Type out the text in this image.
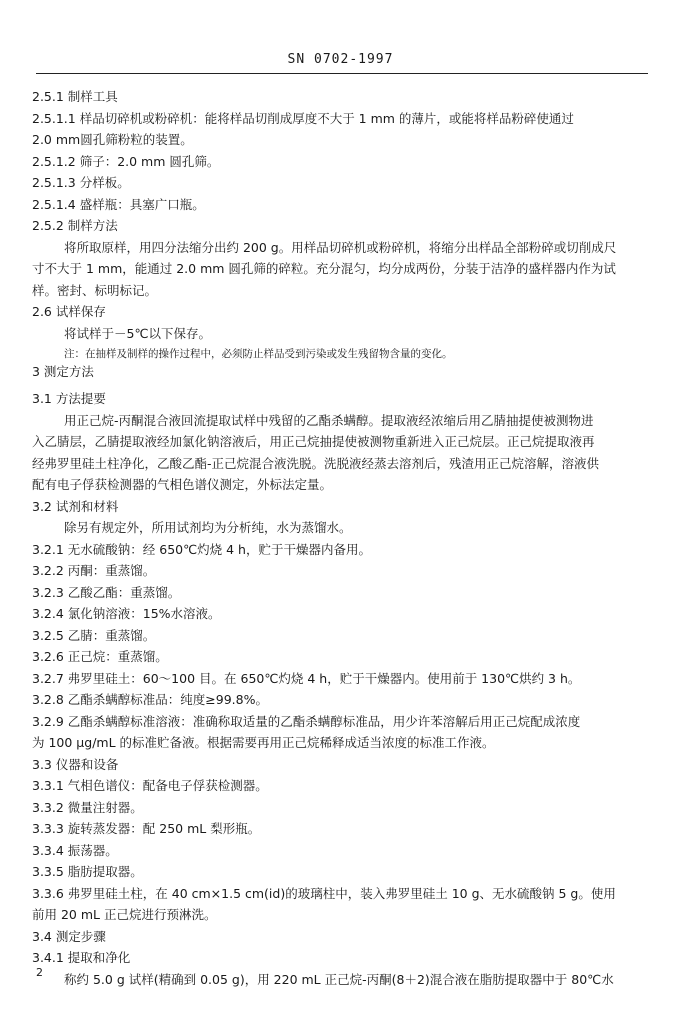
SN 0702-1997

2.5.1 制样工具

2.5.1.1 样品切碎机或粉碎机：能将样品切削成厚度不大于 1 mm 的薄片，或能将样品粉碎使通过

2.0 mm圆孔筛粉粒的装置。

2.5.1.2 筛子：2.0 mm 圆孔筛。

2.5.1.3 分样板。

2.5.1.4 盛样瓶：具塞广口瓶。

2.5.2 制样方法

将所取原样，用四分法缩分出约 200 g。用样品切碎机或粉碎机，将缩分出样品全部粉碎或切削成尺

寸不大于 1 mm，能通过 2.0 mm 圆孔筛的碎粒。充分混匀，均分成两份，分装于洁净的盛样器内作为试

样。密封、标明标记。

2.6 试样保存

将试样于－5℃以下保存。

注：在抽样及制样的操作过程中，必须防止样品受到污染或发生残留物含量的变化。

3 测定方法

3.1 方法提要

用正己烷-丙酮混合液回流提取试样中残留的乙酯杀螨醇。提取液经浓缩后用乙腈抽提使被测物进

入乙腈层，乙腈提取液经加氯化钠溶液后，用正己烷抽提使被测物重新进入正己烷层。正己烷提取液再

经弗罗里硅土柱净化，乙酸乙酯-正己烷混合液洗脱。洗脱液经蒸去溶剂后，残渣用正己烷溶解，溶液供

配有电子俘获检测器的气相色谱仪测定，外标法定量。

3.2 试剂和材料

除另有规定外，所用试剂均为分析纯，水为蒸馏水。

3.2.1 无水硫酸钠：经 650℃灼烧 4 h，贮于干燥器内备用。

3.2.2 丙酮：重蒸馏。

3.2.3 乙酸乙酯：重蒸馏。

3.2.4 氯化钠溶液：15%水溶液。

3.2.5 乙腈：重蒸馏。

3.2.6 正己烷：重蒸馏。

3.2.7 弗罗里硅土：60～100 目。在 650℃灼烧 4 h，贮于干燥器内。使用前于 130℃烘约 3 h。

3.2.8 乙酯杀螨醇标准品：纯度≥99.8%。

3.2.9 乙酯杀螨醇标准溶液：准确称取适量的乙酯杀螨醇标准品，用少许苯溶解后用正己烷配成浓度

为 100 μg/mL 的标准贮备液。根据需要再用正己烷稀释成适当浓度的标准工作液。

3.3 仪器和设备

3.3.1 气相色谱仪：配备电子俘获检测器。

3.3.2 微量注射器。

3.3.3 旋转蒸发器：配 250 mL 梨形瓶。

3.3.4 振荡器。

3.3.5 脂肪提取器。

3.3.6 弗罗里硅土柱，在 40 cm×1.5 cm(id)的玻璃柱中，装入弗罗里硅土 10 g、无水硫酸钠 5 g。使用

前用 20 mL 正己烷进行预淋洗。

3.4 测定步骤

3.4.1 提取和净化

称约 5.0 g 试样(精确到 0.05 g)，用 220 mL 正己烷-丙酮(8＋2)混合液在脂肪提取器中于 80℃水

2
